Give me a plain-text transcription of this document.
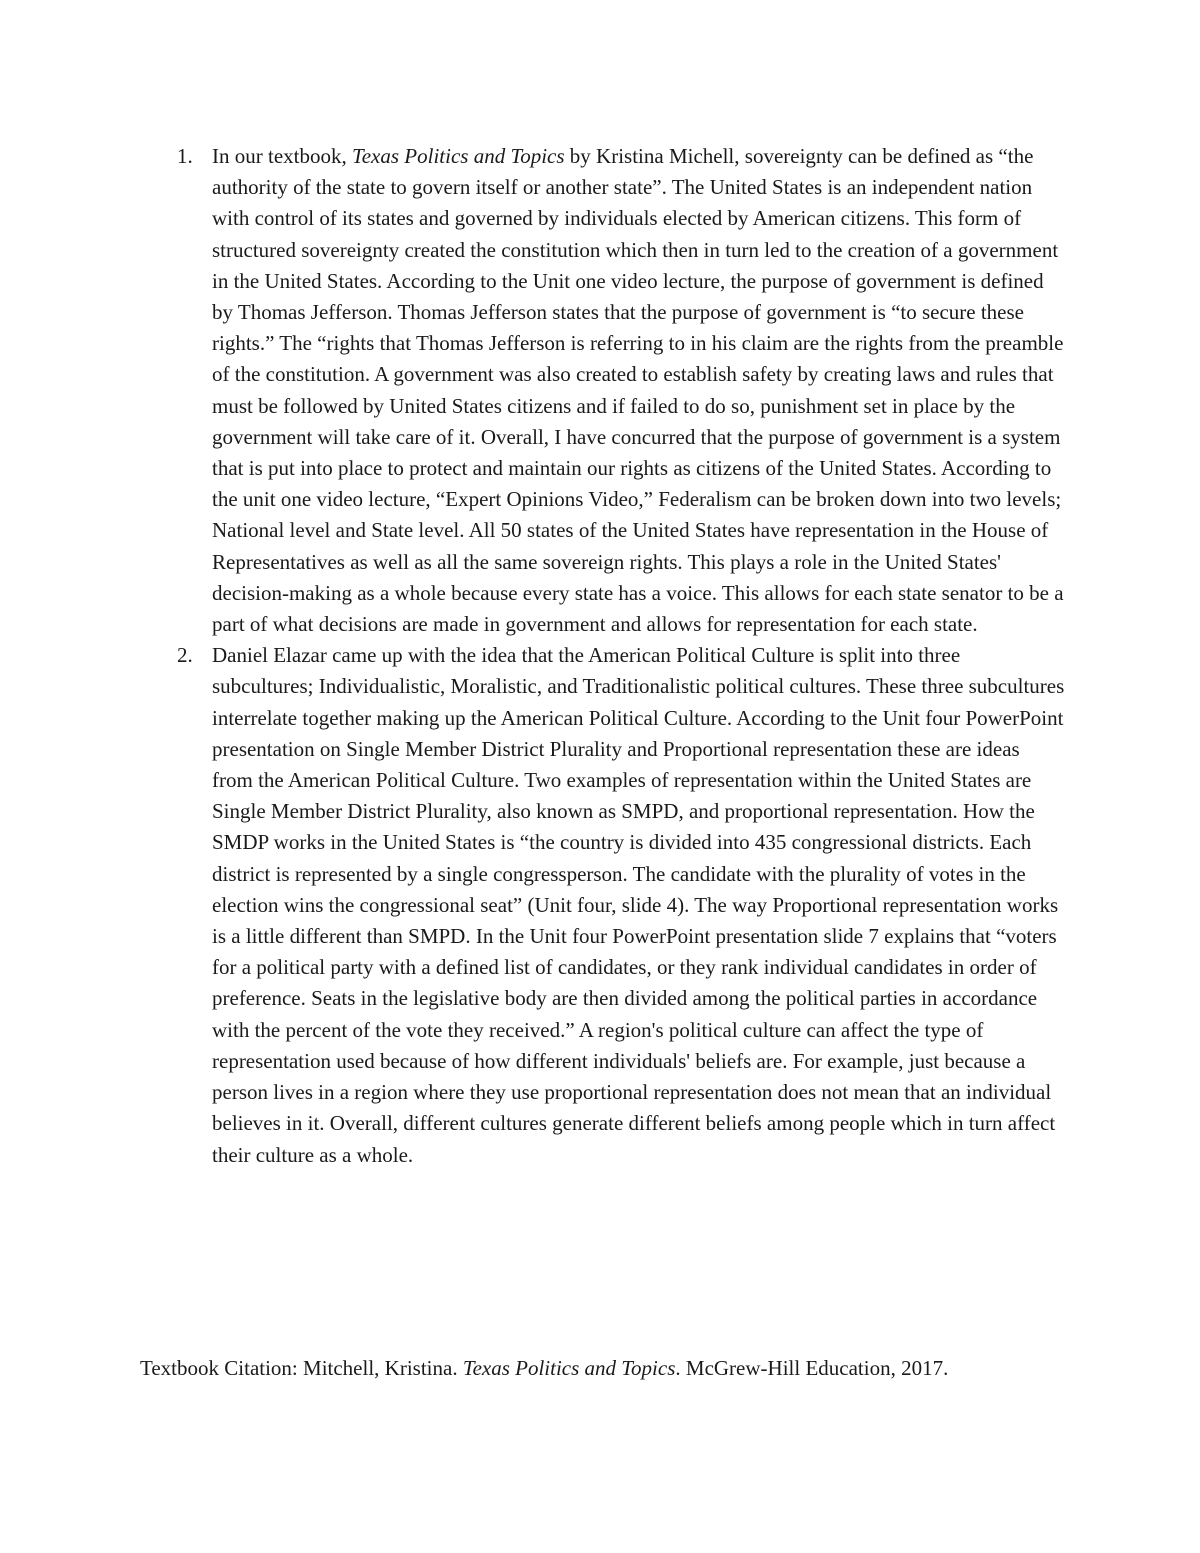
1. In our textbook, Texas Politics and Topics by Kristina Michell, sovereignty can be defined as “the authority of the state to govern itself or another state”. The United States is an independent nation with control of its states and governed by individuals elected by American citizens. This form of structured sovereignty created the constitution which then in turn led to the creation of a government in the United States. According to the Unit one video lecture, the purpose of government is defined by Thomas Jefferson. Thomas Jefferson states that the purpose of government is “to secure these rights.” The “rights that Thomas Jefferson is referring to in his claim are the rights from the preamble of the constitution. A government was also created to establish safety by creating laws and rules that must be followed by United States citizens and if failed to do so, punishment set in place by the government will take care of it. Overall, I have concurred that the purpose of government is a system that is put into place to protect and maintain our rights as citizens of the United States. According to the unit one video lecture, “Expert Opinions Video,” Federalism can be broken down into two levels; National level and State level. All 50 states of the United States have representation in the House of Representatives as well as all the same sovereign rights. This plays a role in the United States' decision-making as a whole because every state has a voice. This allows for each state senator to be a part of what decisions are made in government and allows for representation for each state.
2. Daniel Elazar came up with the idea that the American Political Culture is split into three subcultures; Individualistic, Moralistic, and Traditionalistic political cultures. These three subcultures interrelate together making up the American Political Culture. According to the Unit four PowerPoint presentation on Single Member District Plurality and Proportional representation these are ideas from the American Political Culture. Two examples of representation within the United States are Single Member District Plurality, also known as SMPD, and proportional representation. How the SMDP works in the United States is “the country is divided into 435 congressional districts. Each district is represented by a single congressperson. The candidate with the plurality of votes in the election wins the congressional seat” (Unit four, slide 4). The way Proportional representation works is a little different than SMPD. In the Unit four PowerPoint presentation slide 7 explains that “voters for a political party with a defined list of candidates, or they rank individual candidates in order of preference. Seats in the legislative body are then divided among the political parties in accordance with the percent of the vote they received.” A region's political culture can affect the type of representation used because of how different individuals' beliefs are. For example, just because a person lives in a region where they use proportional representation does not mean that an individual believes in it. Overall, different cultures generate different beliefs among people which in turn affect their culture as a whole.
Textbook Citation: Mitchell, Kristina. Texas Politics and Topics. McGrew-Hill Education, 2017.
